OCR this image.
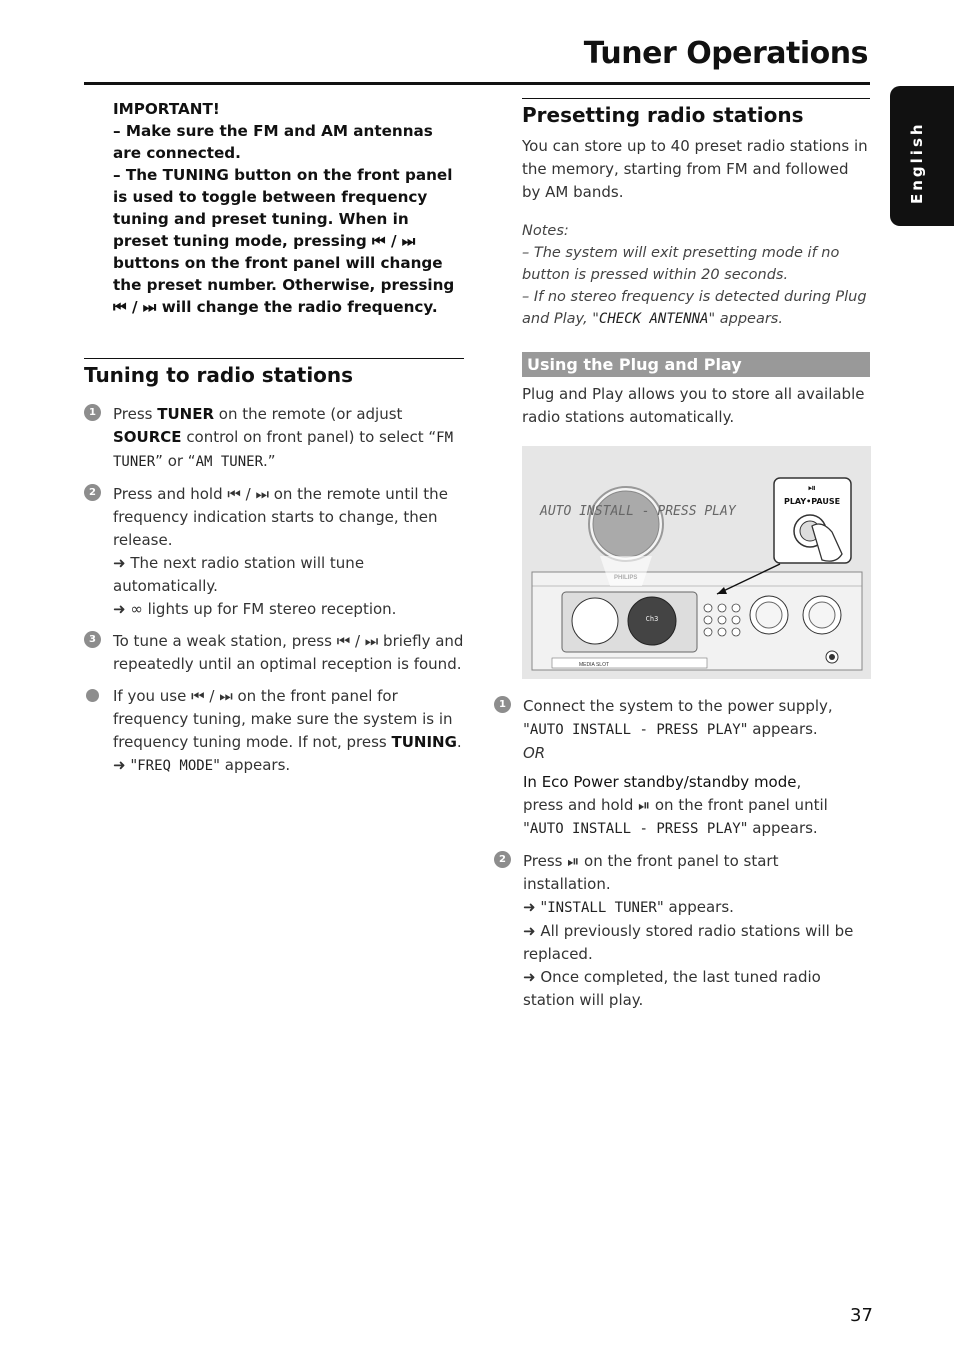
Tuner Operations
English

IMPORTANT!

– Make sure the FM and AM antennas are connected.

– The TUNING button on the front panel is used to toggle between frequency tuning and preset tuning. When in preset tuning mode, pressing ⏮ / ⏭ buttons on the front panel will change the preset number. Otherwise, pressing ⏮ / ⏭ will change the radio frequency.

Tuning to radio stations
1	Press TUNER on the remote (or adjust SOURCE control on front panel) to select “FM TUNER” or “AM TUNER.”

2	Press and hold ⏮ / ⏭ on the remote until the frequency indication starts to change, then release.

➜ The next radio station will tune automatically.

➜ ∞ lights up for FM stereo reception.

3	To tune a weak station, press ⏮ / ⏭ briefly and repeatedly until an optimal reception is found.

If you use ⏮ / ⏭ on the front panel for frequency tuning, make sure the system is in frequency tuning mode. If not, press TUNING.

➜ "FREQ MODE" appears.

Presetting radio stations

You can store up to 40 preset radio stations in the memory, starting from FM and followed by AM bands.

Notes:

– The system will exit presetting mode if no button is pressed within 20 seconds.

– If no stereo frequency is detected during Plug and Play, "CHECK ANTENNA" appears.

Using the Plug and Play

Plug and Play allows you to store all available radio stations automatically.

Ch3
MEDIA SLOT
AUTO INSTALL - PRESS PLAY
⏯
PLAY•PAUSE
1	Connect the system to the power supply, "AUTO INSTALL - PRESS PLAY" appears.

OR

In Eco Power standby/standby mode,

press and hold ⏯ on the front panel until "AUTO INSTALL - PRESS PLAY" appears.

2	Press ⏯ on the front panel to start installation.

➜ "INSTALL TUNER" appears.

➜ All previously stored radio stations will be replaced.

➜ Once completed, the last tuned radio station will play.

37
